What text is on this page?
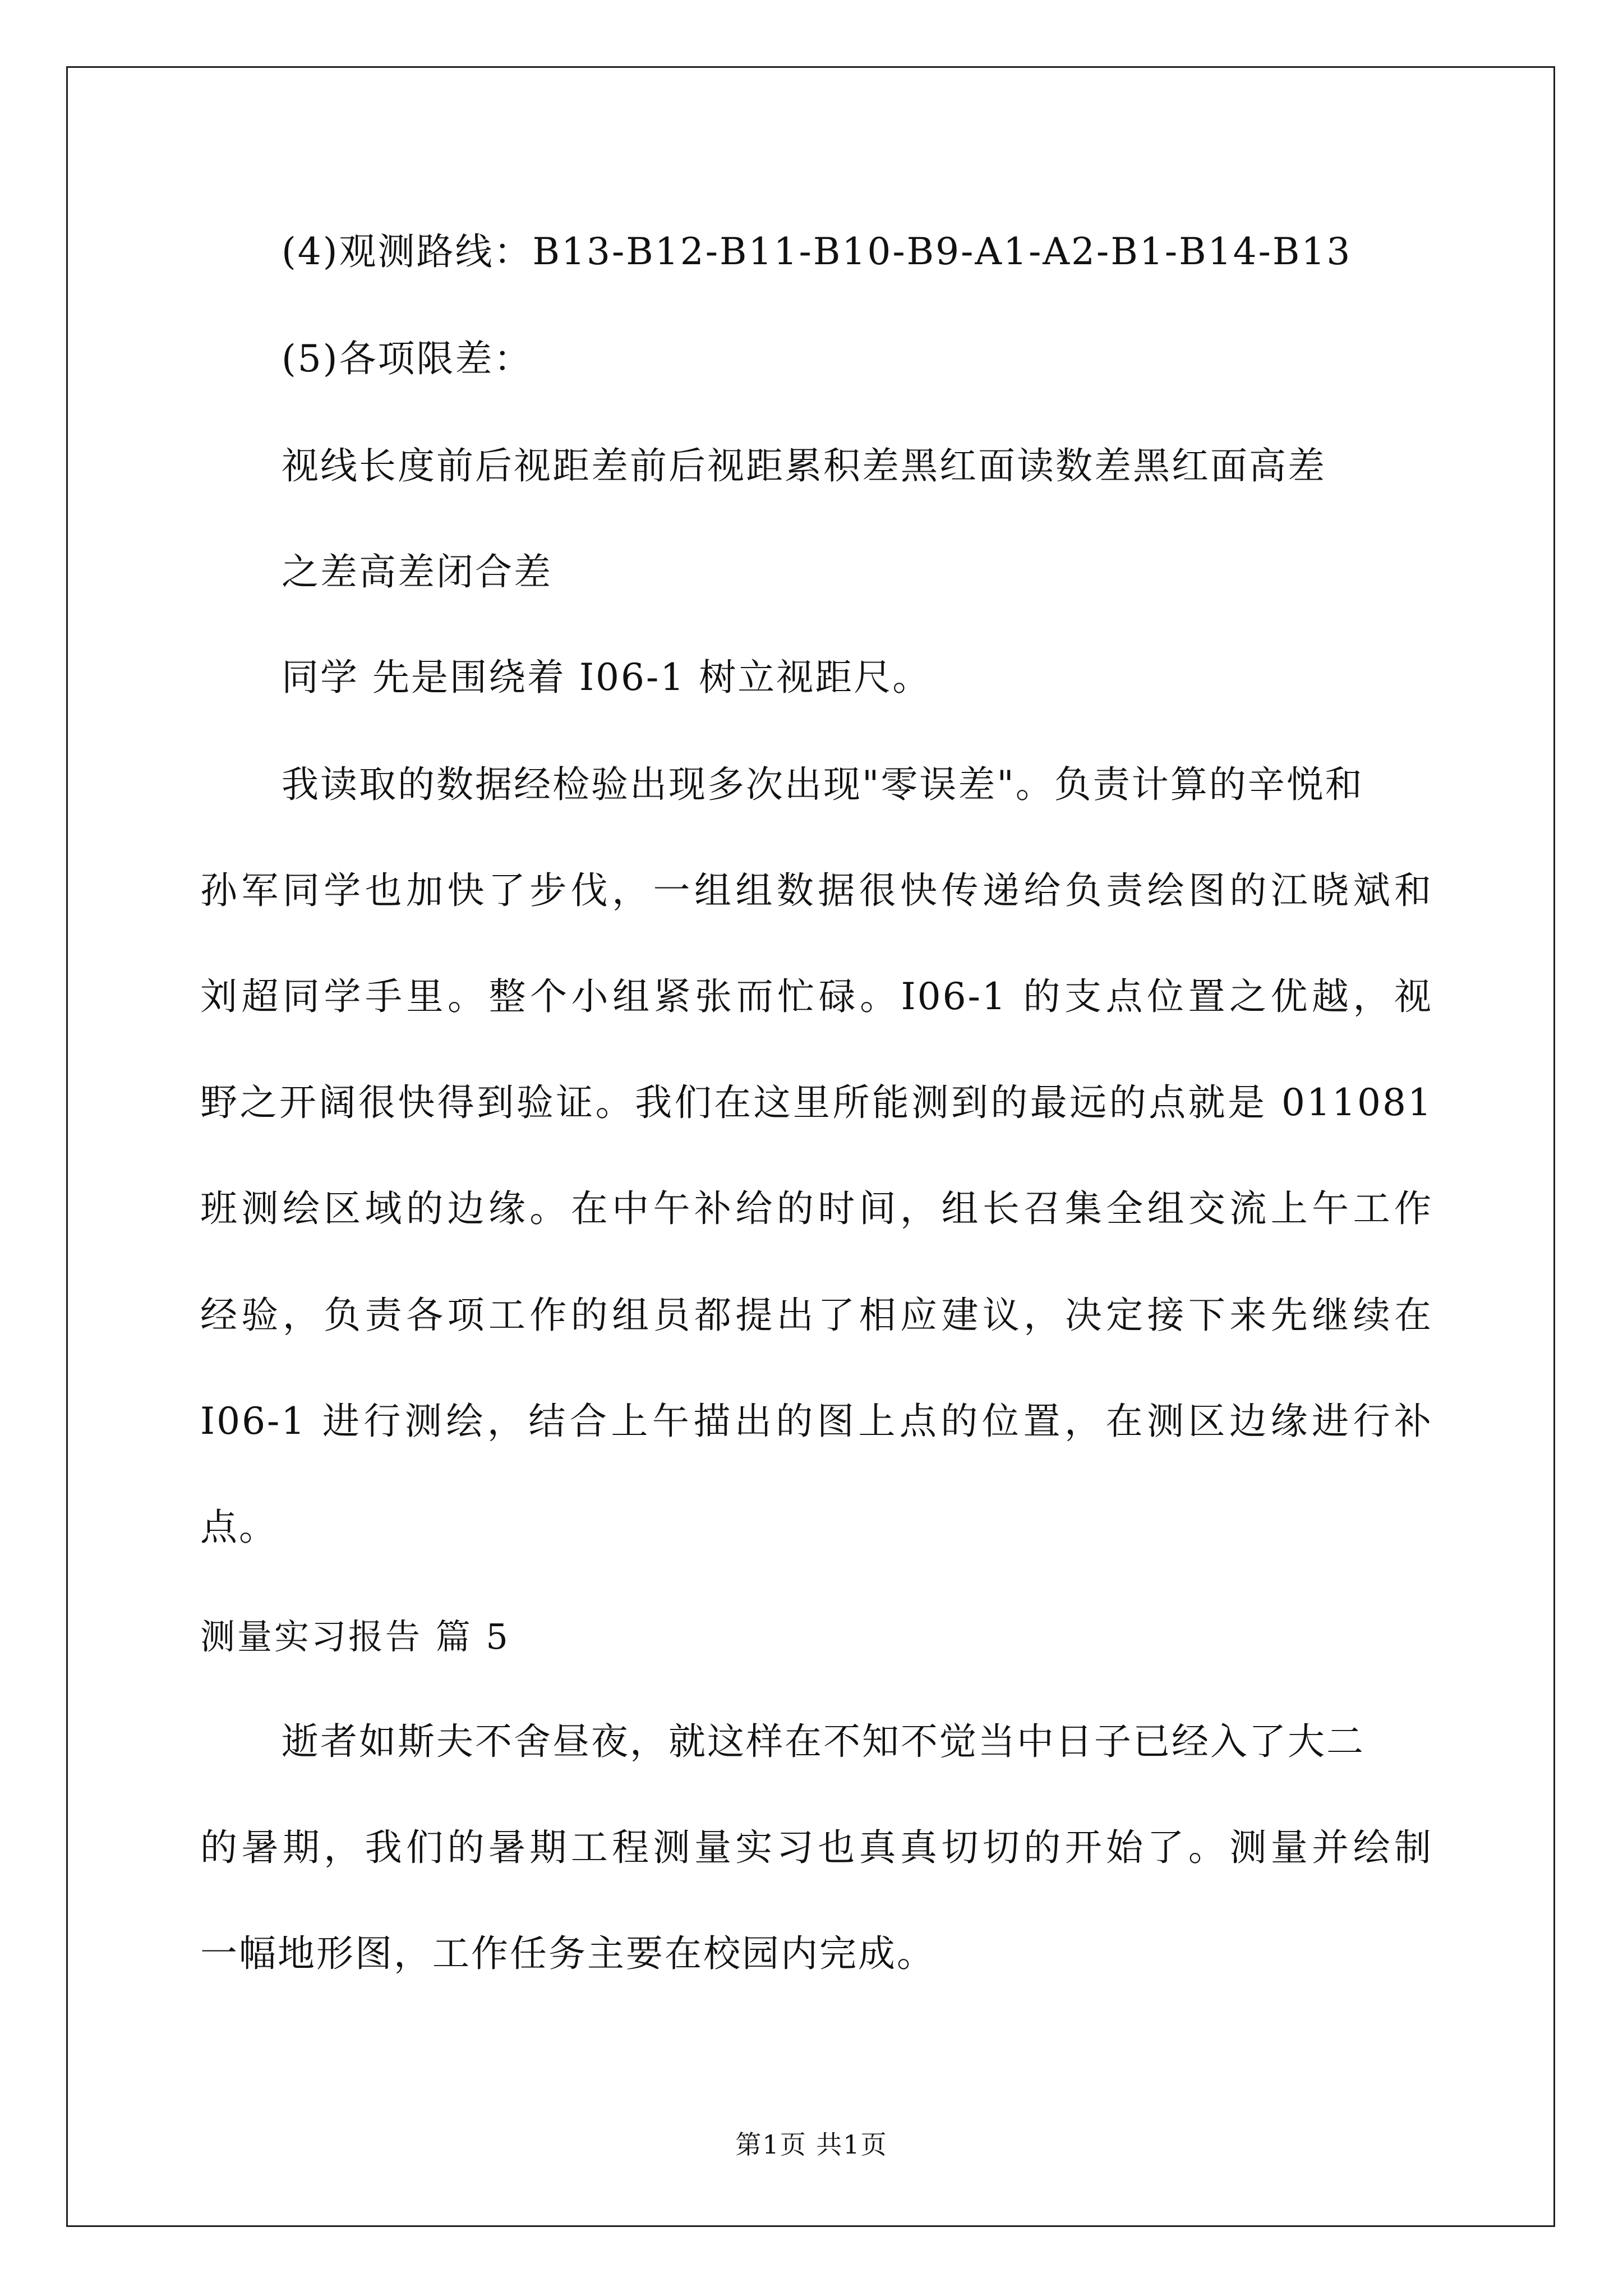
(4)观测路线：B13-B12-B11-B10-B9-A1-A2-B1-B14-B13
(5)各项限差：
视线长度前后视距差前后视距累积差黑红面读数差黑红面高差
之差高差闭合差
同学 先是围绕着 I06-1 树立视距尺。
我读取的数据经检验出现多次出现"零误差"。负责计算的辛悦和
孙军同学也加快了步伐，一组组数据很快传递给负责绘图的江晓斌和
刘超同学手里。整个小组紧张而忙碌。I06-1 的支点位置之优越，视
野之开阔很快得到验证。我们在这里所能测到的最远的点就是 011081
班测绘区域的边缘。在中午补给的时间，组长召集全组交流上午工作
经验，负责各项工作的组员都提出了相应建议，决定接下来先继续在
I06-1 进行测绘，结合上午描出的图上点的位置，在测区边缘进行补
点。
测量实习报告 篇 5
逝者如斯夫不舍昼夜，就这样在不知不觉当中日子已经入了大二
的暑期，我们的暑期工程测量实习也真真切切的开始了。测量并绘制
一幅地形图，工作任务主要在校园内完成。
第1页 共1页
